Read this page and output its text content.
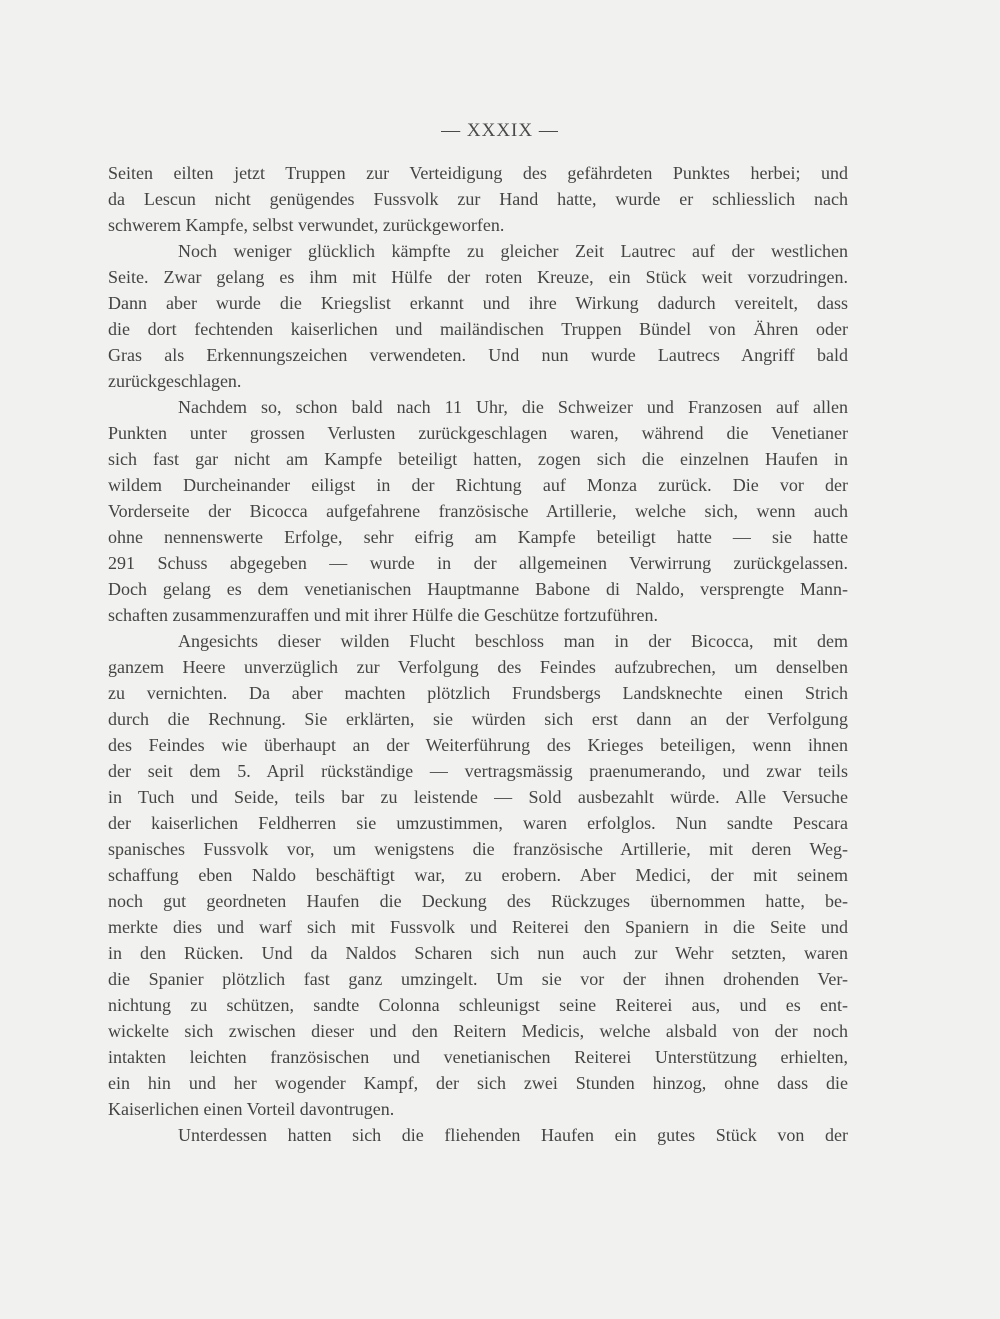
— XXXIX —
Seiten eilten jetzt Truppen zur Verteidigung des gefährdeten Punktes herbei; und
da Lescun nicht genügendes Fussvolk zur Hand hatte, wurde er schliesslich nach
schwerem Kampfe, selbst verwundet, zurückgeworfen.
Noch weniger glücklich kämpfte zu gleicher Zeit Lautrec auf der westlichen
Seite. Zwar gelang es ihm mit Hülfe der roten Kreuze, ein Stück weit vorzudringen.
Dann aber wurde die Kriegslist erkannt und ihre Wirkung dadurch vereitelt, dass
die dort fechtenden kaiserlichen und mailändischen Truppen Bündel von Ähren oder
Gras als Erkennungszeichen verwendeten. Und nun wurde Lautrecs Angriff bald
zurückgeschlagen.
Nachdem so, schon bald nach 11 Uhr, die Schweizer und Franzosen auf allen
Punkten unter grossen Verlusten zurückgeschlagen waren, während die Venetianer
sich fast gar nicht am Kampfe beteiligt hatten, zogen sich die einzelnen Haufen in
wildem Durcheinander eiligst in der Richtung auf Monza zurück. Die vor der
Vorderseite der Bicocca aufgefahrene französische Artillerie, welche sich, wenn auch
ohne nennenswerte Erfolge, sehr eifrig am Kampfe beteiligt hatte — sie hatte
291 Schuss abgegeben — wurde in der allgemeinen Verwirrung zurückgelassen.
Doch gelang es dem venetianischen Hauptmanne Babone di Naldo, versprengte Mann-
schaften zusammenzuraffen und mit ihrer Hülfe die Geschütze fortzuführen.
Angesichts dieser wilden Flucht beschloss man in der Bicocca, mit dem
ganzem Heere unverzüglich zur Verfolgung des Feindes aufzubrechen, um denselben
zu vernichten. Da aber machten plötzlich Frundsbergs Landsknechte einen Strich
durch die Rechnung. Sie erklärten, sie würden sich erst dann an der Verfolgung
des Feindes wie überhaupt an der Weiterführung des Krieges beteiligen, wenn ihnen
der seit dem 5. April rückständige — vertragsmässig praenumerando, und zwar teils
in Tuch und Seide, teils bar zu leistende — Sold ausbezahlt würde. Alle Versuche
der kaiserlichen Feldherren sie umzustimmen, waren erfolglos. Nun sandte Pescara
spanisches Fussvolk vor, um wenigstens die französische Artillerie, mit deren Weg-
schaffung eben Naldo beschäftigt war, zu erobern. Aber Medici, der mit seinem
noch gut geordneten Haufen die Deckung des Rückzuges übernommen hatte, be-
merkte dies und warf sich mit Fussvolk und Reiterei den Spaniern in die Seite und
in den Rücken. Und da Naldos Scharen sich nun auch zur Wehr setzten, waren
die Spanier plötzlich fast ganz umzingelt. Um sie vor der ihnen drohenden Ver-
nichtung zu schützen, sandte Colonna schleunigst seine Reiterei aus, und es ent-
wickelte sich zwischen dieser und den Reitern Medicis, welche alsbald von der noch
intakten leichten französischen und venetianischen Reiterei Unterstützung erhielten,
ein hin und her wogender Kampf, der sich zwei Stunden hinzog, ohne dass die
Kaiserlichen einen Vorteil davontrugen.
Unterdessen hatten sich die fliehenden Haufen ein gutes Stück von der
